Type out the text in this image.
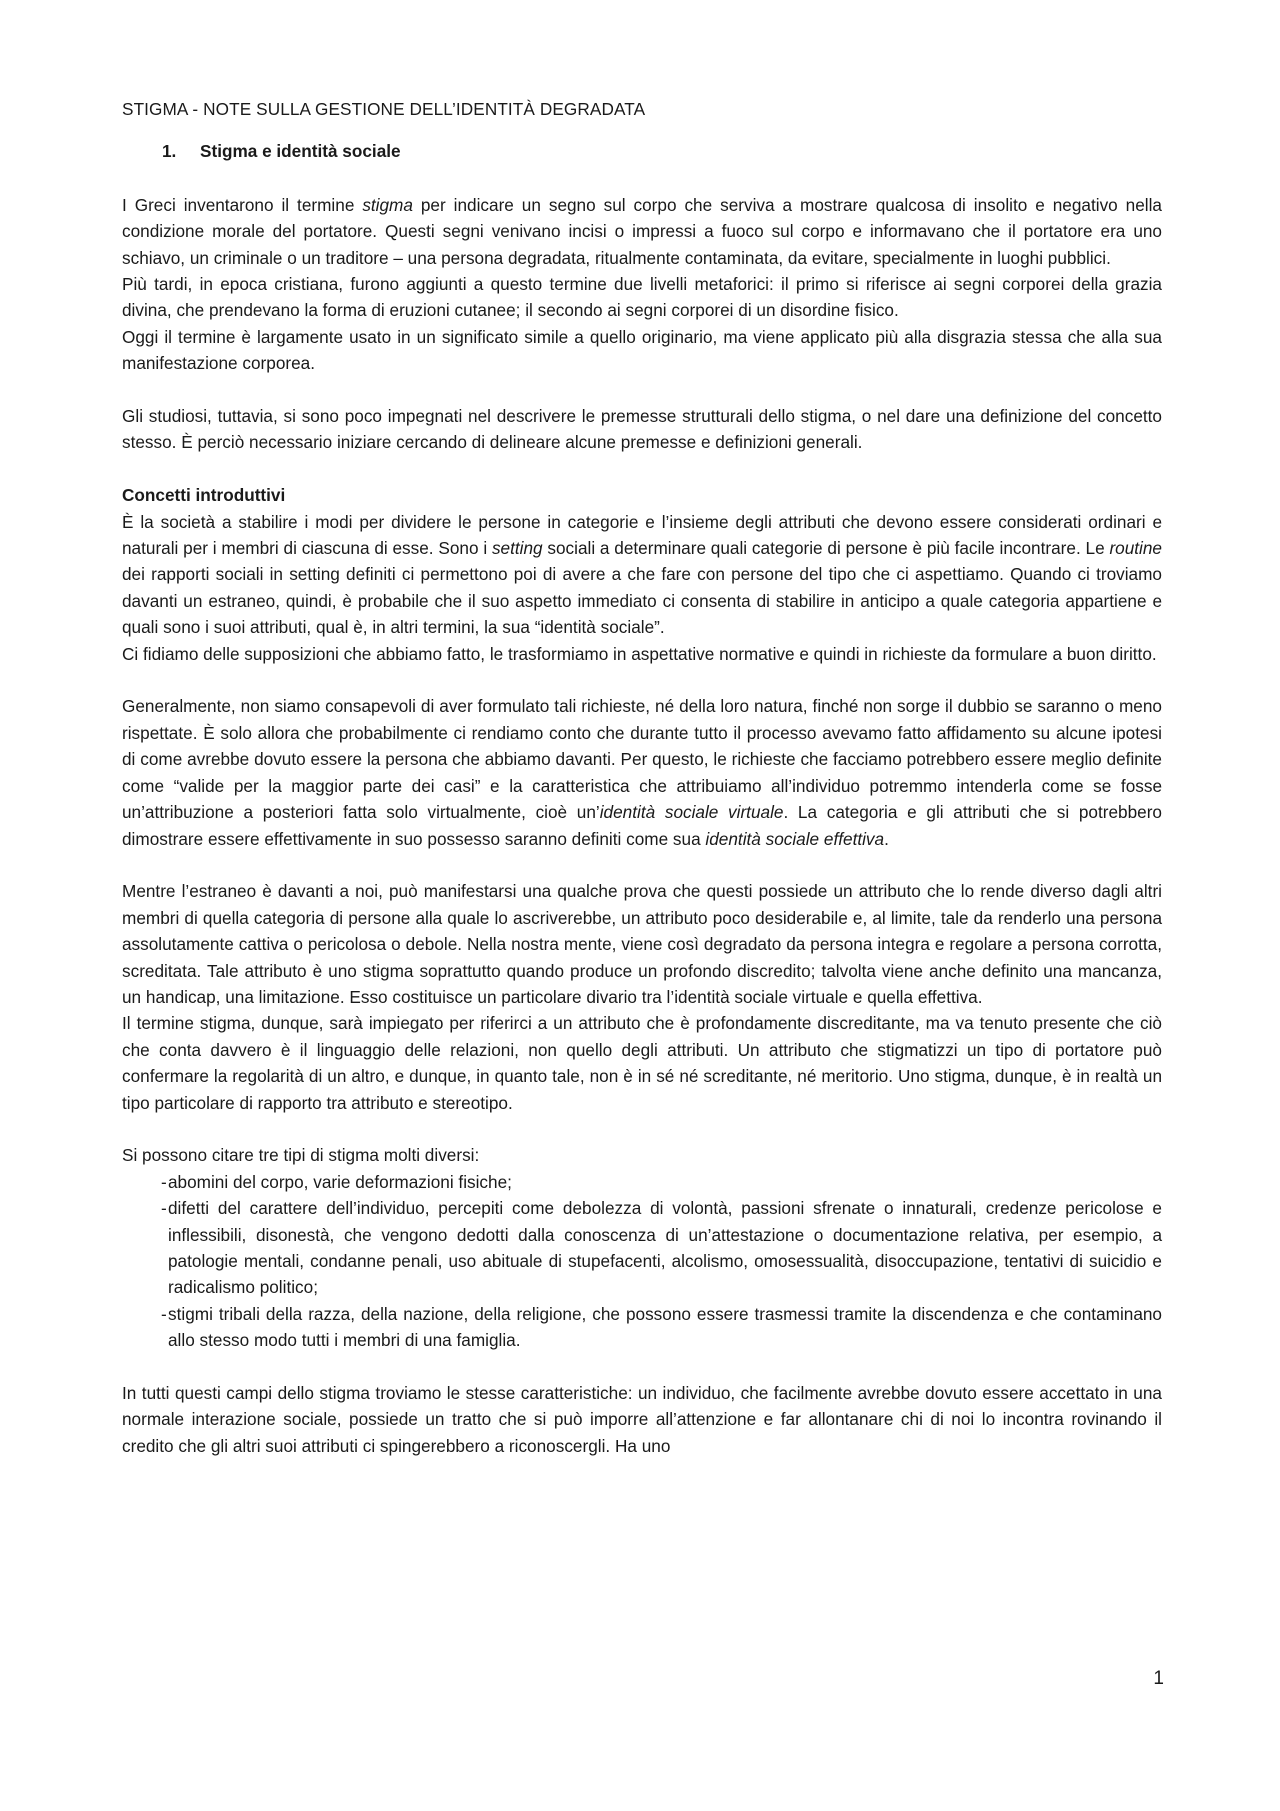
STIGMA - NOTE SULLA GESTIONE DELL’IDENTITÀ DEGRADATA
1. Stigma e identità sociale

I Greci inventarono il termine stigma per indicare un segno sul corpo che serviva a mostrare qualcosa di insolito e negativo nella condizione morale del portatore. Questi segni venivano incisi o impressi a fuoco sul corpo e informavano che il portatore era uno schiavo, un criminale o un traditore – una persona degradata, ritualmente contaminata, da evitare, specialmente in luoghi pubblici.

Più tardi, in epoca cristiana, furono aggiunti a questo termine due livelli metaforici: il primo si riferisce ai segni corporei della grazia divina, che prendevano la forma di eruzioni cutanee; il secondo ai segni corporei di un disordine fisico.

Oggi il termine è largamente usato in un significato simile a quello originario, ma viene applicato più alla disgrazia stessa che alla sua manifestazione corporea.

Gli studiosi, tuttavia, si sono poco impegnati nel descrivere le premesse strutturali dello stigma, o nel dare una definizione del concetto stesso. È perciò necessario iniziare cercando di delineare alcune premesse e definizioni generali.

Concetti introduttivi

È la società a stabilire i modi per dividere le persone in categorie e l’insieme degli attributi che devono essere considerati ordinari e naturali per i membri di ciascuna di esse. Sono i setting sociali a determinare quali categorie di persone è più facile incontrare. Le routine dei rapporti sociali in setting definiti ci permettono poi di avere a che fare con persone del tipo che ci aspettiamo. Quando ci troviamo davanti un estraneo, quindi, è probabile che il suo aspetto immediato ci consenta di stabilire in anticipo a quale categoria appartiene e quali sono i suoi attributi, qual è, in altri termini, la sua “identità sociale”.

Ci fidiamo delle supposizioni che abbiamo fatto, le trasformiamo in aspettative normative e quindi in richieste da formulare a buon diritto.

Generalmente, non siamo consapevoli di aver formulato tali richieste, né della loro natura, finché non sorge il dubbio se saranno o meno rispettate. È solo allora che probabilmente ci rendiamo conto che durante tutto il processo avevamo fatto affidamento su alcune ipotesi di come avrebbe dovuto essere la persona che abbiamo davanti. Per questo, le richieste che facciamo potrebbero essere meglio definite come “valide per la maggior parte dei casi” e la caratteristica che attribuiamo all’individuo potremmo intenderla come se fosse un’attribuzione a posteriori fatta solo virtualmente, cioè un’identità sociale virtuale. La categoria e gli attributi che si potrebbero dimostrare essere effettivamente in suo possesso saranno definiti come sua identità sociale effettiva.

Mentre l’estraneo è davanti a noi, può manifestarsi una qualche prova che questi possiede un attributo che lo rende diverso dagli altri membri di quella categoria di persone alla quale lo ascriverebbe, un attributo poco desiderabile e, al limite, tale da renderlo una persona assolutamente cattiva o pericolosa o debole. Nella nostra mente, viene così degradato da persona integra e regolare a persona corrotta, screditata. Tale attributo è uno stigma soprattutto quando produce un profondo discredito; talvolta viene anche definito una mancanza, un handicap, una limitazione. Esso costituisce un particolare divario tra l’identità sociale virtuale e quella effettiva.

Il termine stigma, dunque, sarà impiegato per riferirci a un attributo che è profondamente discreditante, ma va tenuto presente che ciò che conta davvero è il linguaggio delle relazioni, non quello degli attributi. Un attributo che stigmatizzi un tipo di portatore può confermare la regolarità di un altro, e dunque, in quanto tale, non è in sé né screditante, né meritorio. Uno stigma, dunque, è in realtà un tipo particolare di rapporto tra attributo e stereotipo.

Si possono citare tre tipi di stigma molti diversi:

- abomini del corpo, varie deformazioni fisiche;
- difetti del carattere dell’individuo, percepiti come debolezza di volontà, passioni sfrenate o innaturali, credenze pericolose e inflessibili, disonestà, che vengono dedotti dalla conoscenza di un’attestazione o documentazione relativa, per esempio, a patologie mentali, condanne penali, uso abituale di stupefacenti, alcolismo, omosessualità, disoccupazione, tentativi di suicidio e radicalismo politico;
- stigmi tribali della razza, della nazione, della religione, che possono essere trasmessi tramite la discendenza e che contaminano allo stesso modo tutti i membri di una famiglia.

In tutti questi campi dello stigma troviamo le stesse caratteristiche: un individuo, che facilmente avrebbe dovuto essere accettato in una normale interazione sociale, possiede un tratto che si può imporre all’attenzione e far allontanare chi di noi lo incontra rovinando il credito che gli altri suoi attributi ci spingerebbero a riconoscergli. Ha uno

1
